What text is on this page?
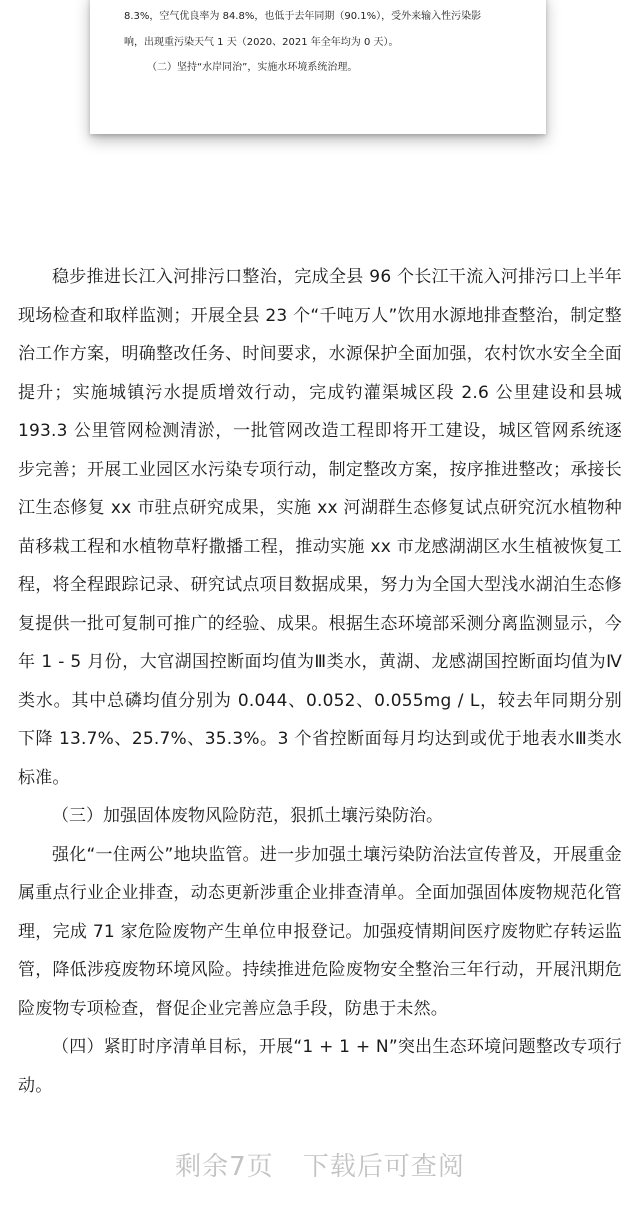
8.3%，空气优良率为 84.8%，也低于去年同期（90.1%），受外来输入性污染影
响，出现重污染天气 1 天（2020、2021 年全年均为 0 天）。
（二）坚持“水岸同治”，实施水环境系统治理。

稳步推进长江入河排污口整治，完成全县 96 个长江干流入河排污口上半年现场检查和取样监测；开展全县 23 个“千吨万人”饮用水源地排查整治，制定整治工作方案，明确整改任务、时间要求，水源保护全面加强，农村饮水安全全面提升；实施城镇污水提质增效行动，完成钓灌渠城区段 2.6 公里建设和县城 193.3 公里管网检测清淤，一批管网改造工程即将开工建设，城区管网系统逐步完善；开展工业园区水污染专项行动，制定整改方案，按序推进整改；承接长江生态修复 xx 市驻点研究成果，实施 xx 河湖群生态修复试点研究沉水植物种苗移栽工程和水植物草籽撒播工程，推动实施 xx 市龙感湖湖区水生植被恢复工程，将全程跟踪记录、研究试点项目数据成果，努力为全国大型浅水湖泊生态修复提供一批可复制可推广的经验、成果。根据生态环境部采测分离监测显示，今年 1 - 5 月份，大官湖国控断面均值为Ⅲ类水，黄湖、龙感湖国控断面均值为Ⅳ类水。其中总磷均值分别为 0.044、0.052、0.055mg / L，较去年同期分别下降 13.7%、25.7%、35.3%。3 个省控断面每月均达到或优于地表水Ⅲ类水标准。

（三）加强固体废物风险防范，狠抓土壤污染防治。

强化“一住两公”地块监管。进一步加强土壤污染防治法宣传普及，开展重金属重点行业企业排查，动态更新涉重企业排查清单。全面加强固体废物规范化管理，完成 71 家危险废物产生单位申报登记。加强疫情期间医疗废物贮存转运监管，降低涉疫废物环境风险。持续推进危险废物安全整治三年行动，开展汛期危险废物专项检查，督促企业完善应急手段，防患于未然。

（四）紧盯时序清单目标，开展“1 + 1 + N”突出生态环境问题整改专项行动。

剩余7页 下载后可查阅
